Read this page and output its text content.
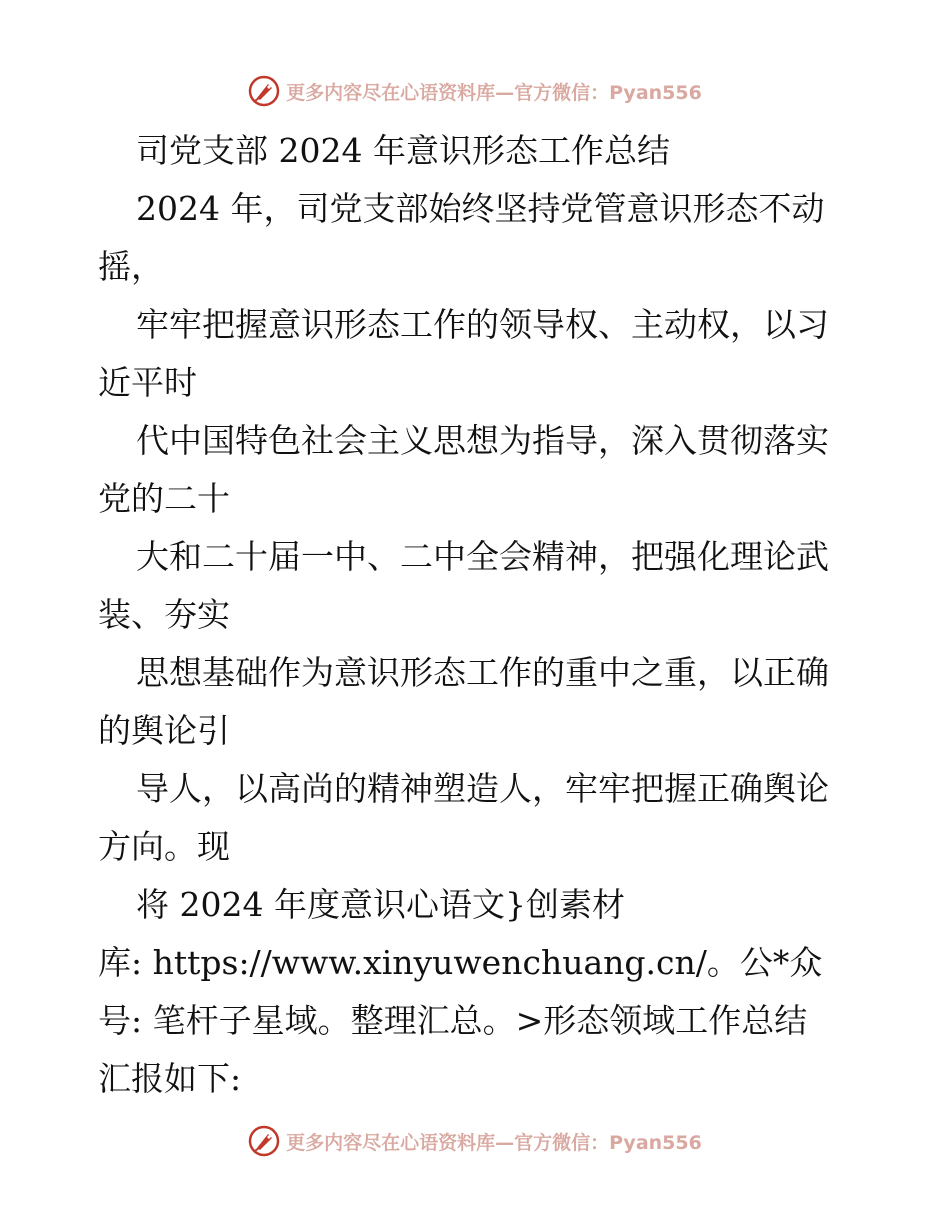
更多内容尽在心语资料库—官方微信：Pyan556
司党支部 2024 年意识形态工作总结
2024 年，司党支部始终坚持党管意识形态不动
摇，
牢牢把握意识形态工作的领导权、主动权，以习
近平时
代中国特色社会主义思想为指导，深入贯彻落实
党的二十
大和二十届一中、二中全会精神，把强化理论武
装、夯实
思想基础作为意识形态工作的重中之重，以正确
的舆论引
导人，以高尚的精神塑造人，牢牢把握正确舆论
方向。现
将 2024 年度意识心语文}创素材
库: https://www.xinyuwenchuang.cn/。公*众
号: 笔杆子星域。整理汇总。>形态领域工作总结
汇报如下:
更多内容尽在心语资料库—官方微信：Pyan556
